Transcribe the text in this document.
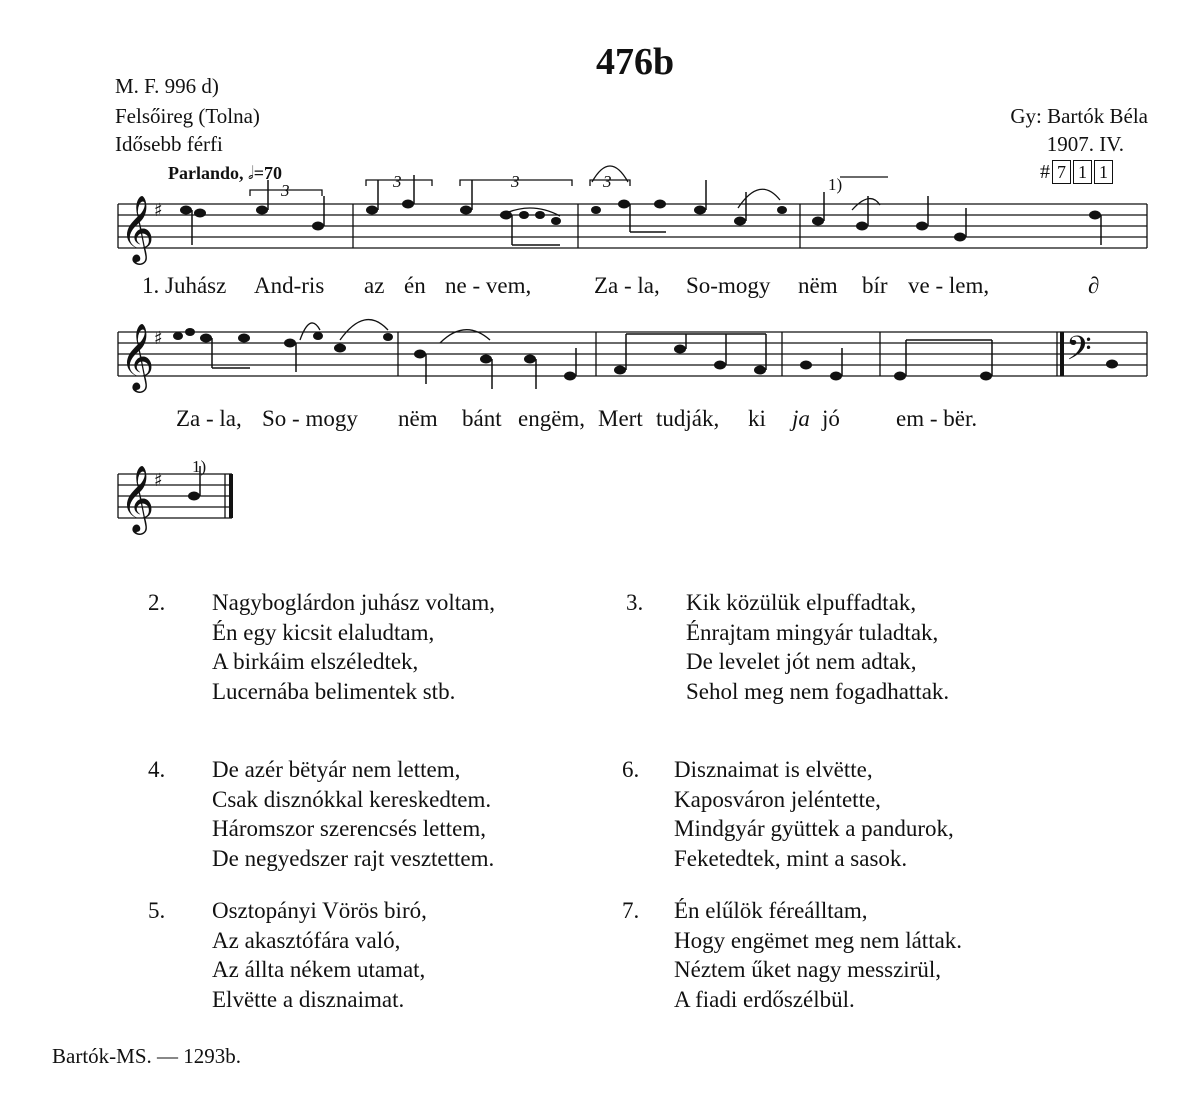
476b
M. F. 996 d)
Felsőireg (Tolna)
Idősebb férfi
Gy: Bartók Béla
1907. IV.
# 7 1 1
Parlando, 𝅗𝅥=70
𝄞
𝄞
𝄞
𝄢
♯
♯
♯
3	3	3	3	1)
1)
1. Juhász And-ris az én ne - vem,	Za - la, So-mogy nëm bír ve - lem,	∂
Za - la, So - mogy nëm bánt engëm, Mert tudják, ki ja jó em - bër.
2. Nagyboglárdon juhász voltam,
Én egy kicsit elaludtam,
A birkáim elszéledtek,
Lucernába belimentek stb.
3. Kik közülük elpuffadtak,
Énrajtam mingyár tuladtak,
De levelet jót nem adtak,
Sehol meg nem fogadhattak.
4. De azér bëtyár nem lettem,
Csak disznókkal kereskedtem.
Háromszor szerencsés lettem,
De negyedszer rajt vesztettem.
6. Disznaimat is elvëtte,
Kaposváron jeléntette,
Mindgyár gyüttek a pandurok,
Feketedtek, mint a sasok.
5. Osztopányi Vörös biró,
Az akasztófára való,
Az állta nékem utamat,
Elvëtte a disznaimat.
7. Én elűlök féreálltam,
Hogy engëmet meg nem láttak.
Néztem űket nagy messzirül,
A fiadi erdőszélbül.
Bartók-MS. — 1293b.
